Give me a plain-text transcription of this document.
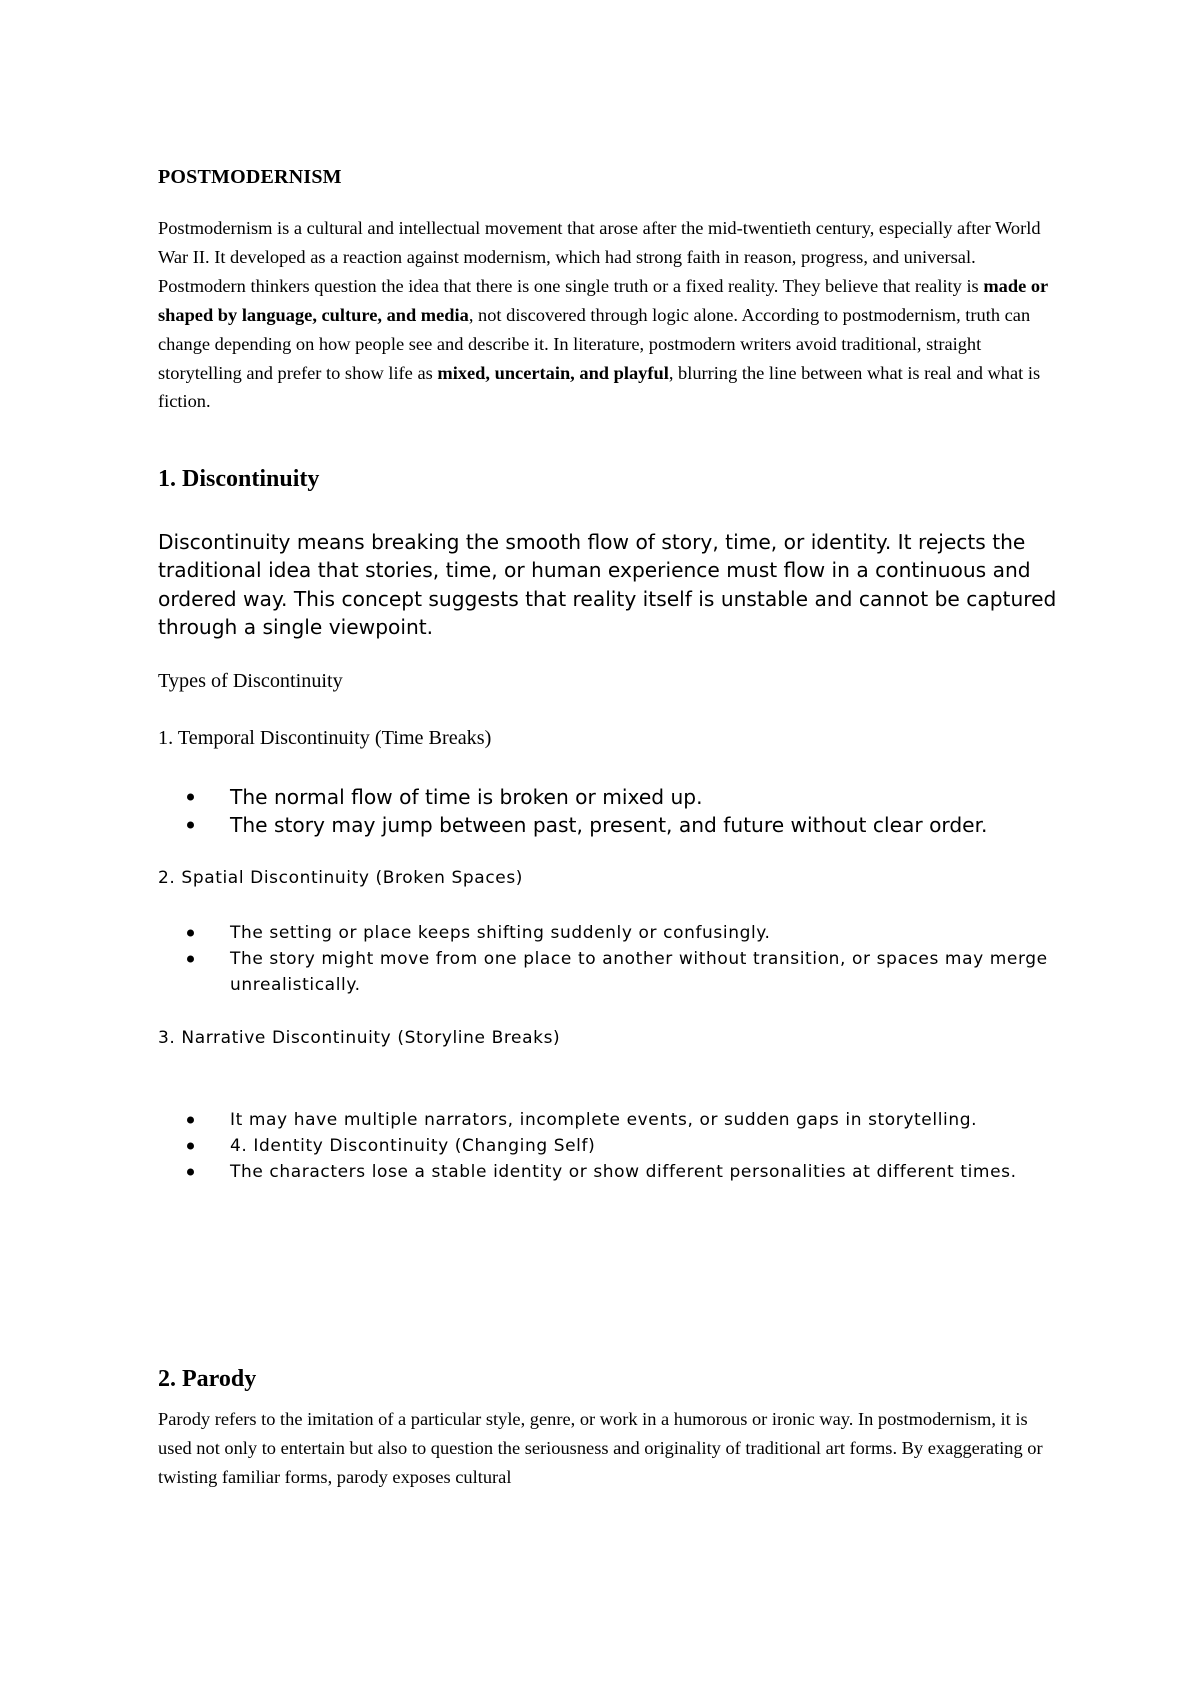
POSTMODERNISM

Postmodernism is a cultural and intellectual movement that arose after the mid-twentieth century, especially after World War II. It developed as a reaction against modernism, which had strong faith in reason, progress, and universal. Postmodern thinkers question the idea that there is one single truth or a fixed reality. They believe that reality is made or shaped by language, culture, and media, not discovered through logic alone. According to postmodernism, truth can change depending on how people see and describe it. In literature, postmodern writers avoid traditional, straight storytelling and prefer to show life as mixed, uncertain, and playful, blurring the line between what is real and what is fiction.

1. Discontinuity

Discontinuity means breaking the smooth flow of story, time, or identity. It rejects the traditional idea that stories, time, or human experience must flow in a continuous and ordered way. This concept suggests that reality itself is unstable and cannot be captured through a single viewpoint.

Types of Discontinuity

1. Temporal Discontinuity (Time Breaks)

The normal flow of time is broken or mixed up.
The story may jump between past, present, and future without clear order.

2. Spatial Discontinuity (Broken Spaces)

The setting or place keeps shifting suddenly or confusingly.
The story might move from one place to another without transition, or spaces may merge unrealistically.

3. Narrative Discontinuity (Storyline Breaks)

It may have multiple narrators, incomplete events, or sudden gaps in storytelling.
4. Identity Discontinuity (Changing Self)
The characters lose a stable identity or show different personalities at different times.
2. Parody

Parody refers to the imitation of a particular style, genre, or work in a humorous or ironic way. In postmodernism, it is used not only to entertain but also to question the seriousness and originality of traditional art forms. By exaggerating or twisting familiar forms, parody exposes cultural
